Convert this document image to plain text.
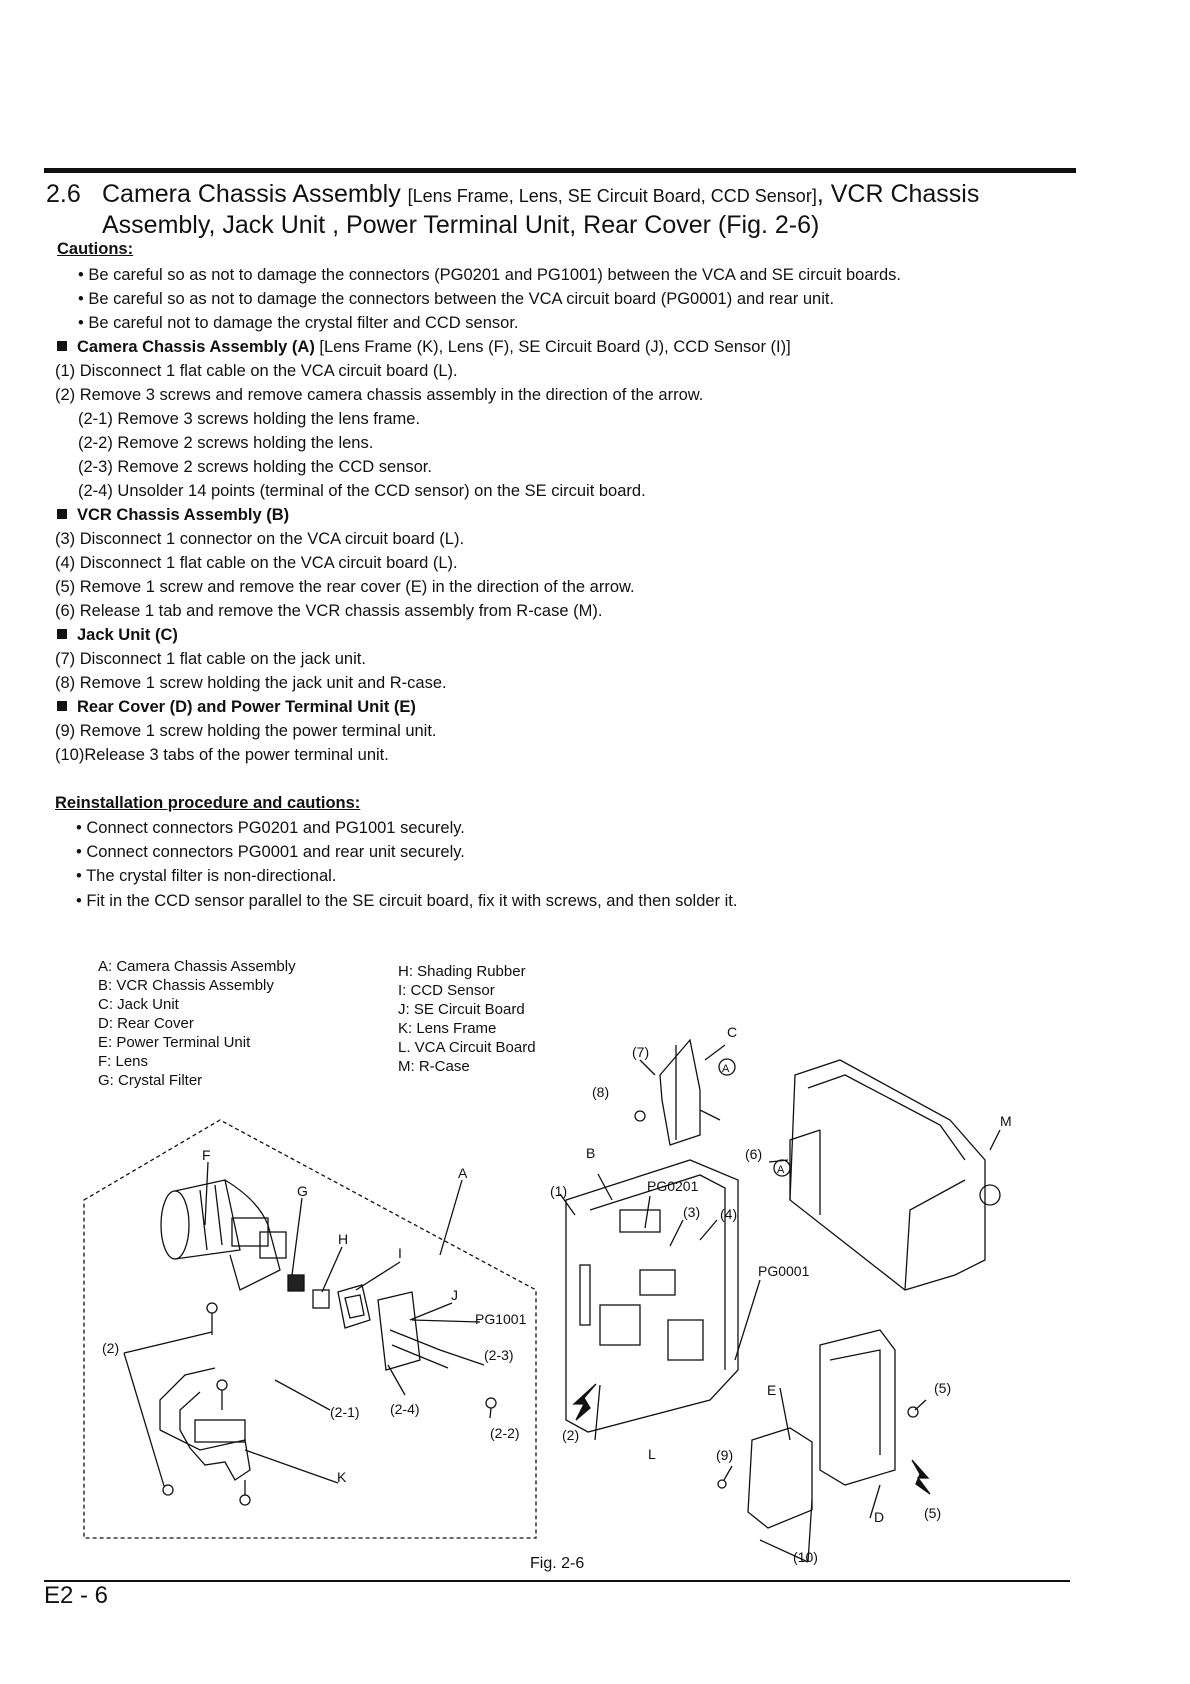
2.6 Camera Chassis Assembly [Lens Frame, Lens, SE Circuit Board, CCD Sensor], VCR Chassis
Assembly, Jack Unit , Power Terminal Unit, Rear Cover (Fig. 2-6)
Cautions:
• Be careful so as not to damage the connectors (PG0201 and PG1001) between the VCA and SE circuit boards.
• Be careful so as not to damage the connectors between the VCA circuit board (PG0001) and rear unit.
• Be careful not to damage the crystal filter and CCD sensor.
Camera Chassis Assembly (A) [Lens Frame (K), Lens (F), SE Circuit Board (J), CCD Sensor (I)]
(1) Disconnect 1 flat cable on the VCA circuit board (L).
(2) Remove 3 screws and remove camera chassis assembly in the direction of the arrow.
(2-1) Remove 3 screws holding the lens frame.
(2-2) Remove 2 screws holding the lens.
(2-3) Remove 2 screws holding the CCD sensor.
(2-4) Unsolder 14 points (terminal of the CCD sensor) on the SE circuit board.
VCR Chassis Assembly (B)
(3) Disconnect 1 connector on the VCA circuit board (L).
(4) Disconnect 1 flat cable on the VCA circuit board (L).
(5) Remove 1 screw and remove the rear cover (E) in the direction of the arrow.
(6) Release 1 tab and remove the VCR chassis assembly from R-case (M).
Jack Unit (C)
(7) Disconnect 1 flat cable on the jack unit.
(8) Remove 1 screw holding the jack unit and R-case.
Rear Cover (D) and Power Terminal Unit (E)
(9) Remove 1 screw holding the power terminal unit.
(10)Release 3 tabs of the power terminal unit.
Reinstallation procedure and cautions:
• Connect connectors PG0201 and PG1001 securely.
• Connect connectors PG0001 and rear unit securely.
• The crystal filter is non-directional.
• Fit in the CCD sensor parallel to the SE circuit board, fix it with screws, and then solder it.
A: Camera Chassis Assembly
B: VCR Chassis Assembly
C: Jack Unit
D: Rear Cover
E: Power Terminal Unit
F: Lens
G: Crystal Filter
H: Shading Rubber
I: CCD Sensor
J: SE Circuit Board
K: Lens Frame
L. VCA Circuit Board
M: R-Case
A
B
C
D
E
F
G
H
I
J
K
L
M
(1)
(2)
(2)
(2-1)
(2-2)
(2-3)
(2-4)
(3) (4)
(5)
(5)
(6)
(7)
(8)
(9)
(10)
PG0201
PG1001
PG0001
A
A
Fig. 2-6
E2 - 6
